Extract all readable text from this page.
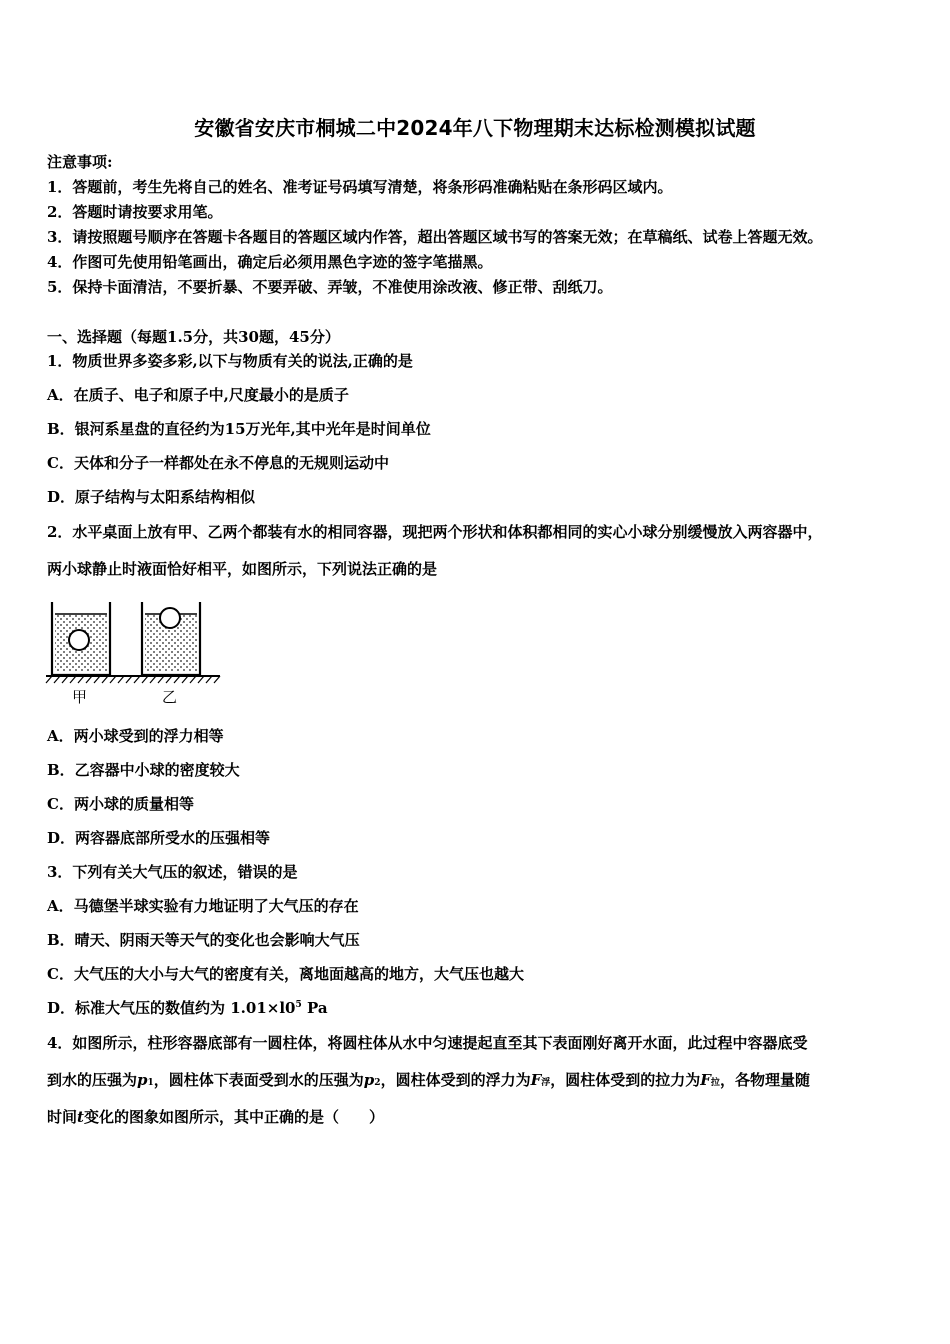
安徽省安庆市桐城二中2024年八下物理期末达标检测模拟试题
注意事项:
1．答题前，考生先将自己的姓名、准考证号码填写清楚，将条形码准确粘贴在条形码区域内。
2．答题时请按要求用笔。
3．请按照题号顺序在答题卡各题目的答题区域内作答，超出答题区域书写的答案无效；在草稿纸、试卷上答题无效。
4．作图可先使用铅笔画出，确定后必须用黑色字迹的签字笔描黑。
5．保持卡面清洁，不要折暴、不要弄破、弄皱，不准使用涂改液、修正带、刮纸刀。
一、选择题（每题1.5分，共30题，45分）
1．物质世界多姿多彩,以下与物质有关的说法,正确的是
A．在质子、电子和原子中,尺度最小的是质子
B．银河系星盘的直径约为15万光年,其中光年是时间单位
C．天体和分子一样都处在永不停息的无规则运动中
D．原子结构与太阳系结构相似
2．水平桌面上放有甲、乙两个都装有水的相同容器，现把两个形状和体积都相同的实心小球分别缓慢放入两容器中，
两小球静止时液面恰好相平，如图所示，下列说法正确的是
甲	乙
A．两小球受到的浮力相等
B．乙容器中小球的密度较大
C．两小球的质量相等
D．两容器底部所受水的压强相等
3．下列有关大气压的叙述，错误的是
A．马德堡半球实验有力地证明了大气压的存在
B．晴天、阴雨天等天气的变化也会影响大气压
C．大气压的大小与大气的密度有关，离地面越高的地方，大气压也越大
D．标准大气压的数值约为 $1.01\times l0^5$ Pa
4．如图所示，柱形容器底部有一圆柱体，将圆柱体从水中匀速提起直至其下表面刚好离开水面，此过程中容器底受
到水的压强为p1，圆柱体下表面受到水的压强为p2，圆柱体受到的浮力为F浮，圆柱体受到的拉力为F拉，各物理量随
时间t变化的图象如图所示，其中正确的是（　　）
